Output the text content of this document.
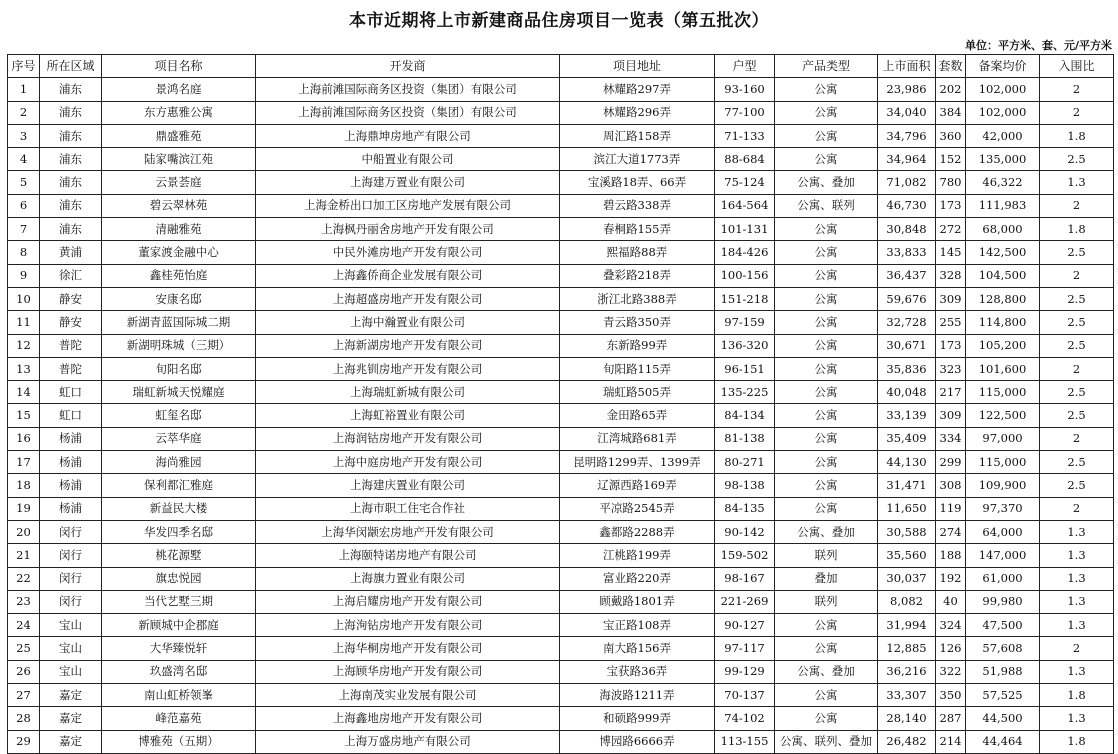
本市近期将上市新建商品住房项目一览表（第五批次）
单位：平方米、套、元/平方米
序号	所在区域	项目名称	开发商	项目地址	户型	产品类型	上市面积	套数	备案均价	入围比
1	浦东	景鸿名庭	上海前滩国际商务区投资（集团）有限公司	林耀路297弄	93-160	公寓	23,986	202	102,000	2
2	浦东	东方惠雅公寓	上海前滩国际商务区投资（集团）有限公司	林耀路296弄	77-100	公寓	34,040	384	102,000	2
3	浦东	鼎盛雅苑	上海鼎坤房地产有限公司	周汇路158弄	71-133	公寓	34,796	360	42,000	1.8
4	浦东	陆家嘴滨江苑	中船置业有限公司	滨江大道1773弄	88-684	公寓	34,964	152	135,000	2.5
5	浦东	云景荟庭	上海建万置业有限公司	宝溪路18弄、66弄	75-124	公寓、叠加	71,082	780	46,322	1.3
6	浦东	碧云翠林苑	上海金桥出口加工区房地产发展有限公司	碧云路338弄	164-564	公寓、联列	46,730	173	111,983	2
7	浦东	清融雅苑	上海枫丹丽舍房地产开发有限公司	春桐路155弄	101-131	公寓	30,848	272	68,000	1.8
8	黄浦	董家渡金融中心	中民外滩房地产开发有限公司	熙福路88弄	184-426	公寓	33,833	145	142,500	2.5
9	徐汇	鑫桂苑怡庭	上海鑫侨商企业发展有限公司	叠彩路218弄	100-156	公寓	36,437	328	104,500	2
10	静安	安康名邸	上海超盛房地产开发有限公司	浙江北路388弄	151-218	公寓	59,676	309	128,800	2.5
11	静安	新湖青蓝国际城二期	上海中瀚置业有限公司	青云路350弄	97-159	公寓	32,728	255	114,800	2.5
12	普陀	新湖明珠城（三期）	上海新湖房地产开发有限公司	东新路99弄	136-320	公寓	30,671	173	105,200	2.5
13	普陀	旬阳名邸	上海兆钏房地产开发有限公司	旬阳路115弄	96-151	公寓	35,836	323	101,600	2
14	虹口	瑞虹新城天悦耀庭	上海瑞虹新城有限公司	瑞虹路505弄	135-225	公寓	40,048	217	115,000	2.5
15	虹口	虹玺名邸	上海虹裕置业有限公司	金田路65弄	84-134	公寓	33,139	309	122,500	2.5
16	杨浦	云萃华庭	上海润钴房地产开发有限公司	江湾城路681弄	81-138	公寓	35,409	334	97,000	2
17	杨浦	海尚雅园	上海中庭房地产开发有限公司	昆明路1299弄、1399弄	80-271	公寓	44,130	299	115,000	2.5
18	杨浦	保利都汇雅庭	上海建庆置业有限公司	辽源西路169弄	98-138	公寓	31,471	308	109,900	2.5
19	杨浦	新益民大楼	上海市职工住宅合作社	平凉路2545弄	84-135	公寓	11,650	119	97,370	2
20	闵行	华发四季名邸	上海华闵颛宏房地产开发有限公司	鑫都路2288弄	90-142	公寓、叠加	30,588	274	64,000	1.3
21	闵行	桃花源墅	上海颐特诺房地产有限公司	江桃路199弄	159-502	联列	35,560	188	147,000	1.3
22	闵行	旗忠悦园	上海旗力置业有限公司	富业路220弄	98-167	叠加	30,037	192	61,000	1.3
23	闵行	当代艺墅三期	上海启耀房地产开发有限公司	顾戴路1801弄	221-269	联列	8,082	40	99,980	1.3
24	宝山	新顾城中企郡庭	上海洵钻房地产开发有限公司	宝正路108弄	90-127	公寓	31,994	324	47,500	1.3
25	宝山	大华臻悦轩	上海华桐房地产开发有限公司	南大路156弄	97-117	公寓	12,885	126	57,608	2
26	宝山	玖盛湾名邸	上海顾华房地产开发有限公司	宝获路36弄	99-129	公寓、叠加	36,216	322	51,988	1.3
27	嘉定	南山虹桥领峯	上海南茂实业发展有限公司	海波路1211弄	70-137	公寓	33,307	350	57,525	1.8
28	嘉定	峰范嘉苑	上海鑫地房地产开发有限公司	和硕路999弄	74-102	公寓	28,140	287	44,500	1.3
29	嘉定	博雅苑（五期）	上海万盛房地产有限公司	博园路6666弄	113-155	公寓、联列、叠加	26,482	214	44,464	1.8
